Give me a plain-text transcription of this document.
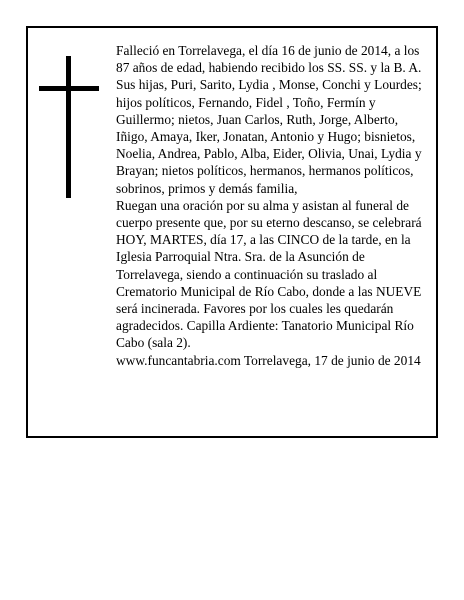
Falleció en Torrelavega, el día 16 de junio de 2014, a los 87 años de edad, habiendo recibido los SS. SS. y la B. A.

Sus hijas, Puri, Sarito, Lydia , Monse, Conchi y Lourdes; hijos políticos, Fernando, Fidel , Toño, Fermín y Guillermo; nietos, Juan Carlos, Ruth, Jorge, Alberto, Iñigo, Amaya, Iker, Jonatan, Antonio y Hugo; bisnietos, Noelia, Andrea, Pablo, Alba, Eider, Olivia, Unai, Lydia y Brayan; nietos políticos, hermanos, hermanos políticos, sobrinos, primos y demás familia,

Ruegan una oración por su alma y asistan al funeral de cuerpo presente que, por su eterno descanso, se celebrará HOY, MARTES, día 17, a las CINCO de la tarde, en la Iglesia Parroquial Ntra. Sra. de la Asunción de Torrelavega, siendo a continuación su traslado al Crematorio Municipal de Río Cabo, donde a las NUEVE será incinerada. Favores por los cuales les quedarán agradecidos. Capilla Ardiente: Tanatorio Municipal Río Cabo (sala 2).

www.funcantabria.com Torrelavega, 17 de junio de 2014
